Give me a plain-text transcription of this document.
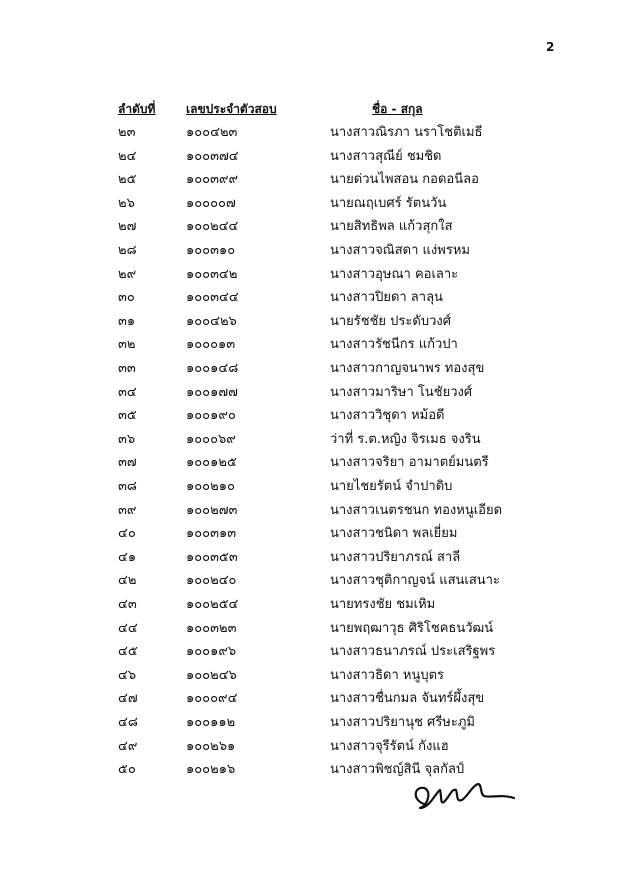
2
ลำดับที่	เลขประจำตัวสอบ	ชื่อ - สกุล
๒๓	๑๐๐๔๒๓	นางสาวณิรภา นราโชติเมธี
๒๔	๑๐๐๓๗๔	นางสาวสุณีย์ ชมชิด
๒๕	๑๐๐๓๙๙	นายด่วนไพสอน กอดอนีลอ
๒๖	๑๐๐๐๐๗	นายณฤเบศร์ รัตนวัน
๒๗	๑๐๐๒๔๔	นายสิทธิพล แก้วสุกใส
๒๘	๑๐๐๓๑๐	นางสาวจณิสดา แง่พรหม
๒๙	๑๐๐๓๔๒	นางสาวอุษณา คอเลาะ
๓๐	๑๐๐๓๔๔	นางสาวปิยดา ลาลุน
๓๑	๑๐๐๔๒๖	นายรัชชัย ประดับวงศ์
๓๒	๑๐๐๐๑๓	นางสาวรัชนีกร แก้วปา
๓๓	๑๐๐๑๔๘	นางสาวกาญจนาพร ทองสุข
๓๔	๑๐๐๑๗๗	นางสาวมาริษา โนชัยวงศ์
๓๕	๑๐๐๑๙๐	นางสาววิชุดา หม้อดี
๓๖	๑๐๐๐๖๙	ว่าที่ ร.ต.หญิง จิรเมธ จงริน
๓๗	๑๐๐๑๒๕	นางสาวจริยา อามาตย์มนตรี
๓๘	๑๐๐๒๑๐	นายไชยรัตน์ จำปาดิบ
๓๙	๑๐๐๒๗๓	นางสาวเนตรชนก ทองหนูเอียด
๔๐	๑๐๐๓๑๓	นางสาวชนิดา พลเยี่ยม
๔๑	๑๐๐๓๕๓	นางสาวปริยาภรณ์ สาลี
๔๒	๑๐๐๒๔๐	นางสาวชุติกาญจน์ แสนเสนาะ
๔๓	๑๐๐๒๕๔	นายทรงชัย ชมเหิม
๔๔	๑๐๐๓๒๓	นายพฤฒาวุธ ศิริโชคธนวัฒน์
๔๕	๑๐๐๑๙๖	นางสาวธนาภรณ์ ประเสริฐพร
๔๖	๑๐๐๒๔๖	นางสาวธิดา หนูบุตร
๔๗	๑๐๐๐๙๔	นางสาวชื่นกมล จันทร์ผึ้งสุข
๔๘	๑๐๐๑๑๒	นางสาวปริยานุช ศรีษะภูมิ
๔๙	๑๐๐๒๖๑	นางสาวจุรีรัตน์ กังแฮ
๕๐	๑๐๐๒๑๖	นางสาวพิชญ์สินี จุลกัลป์
